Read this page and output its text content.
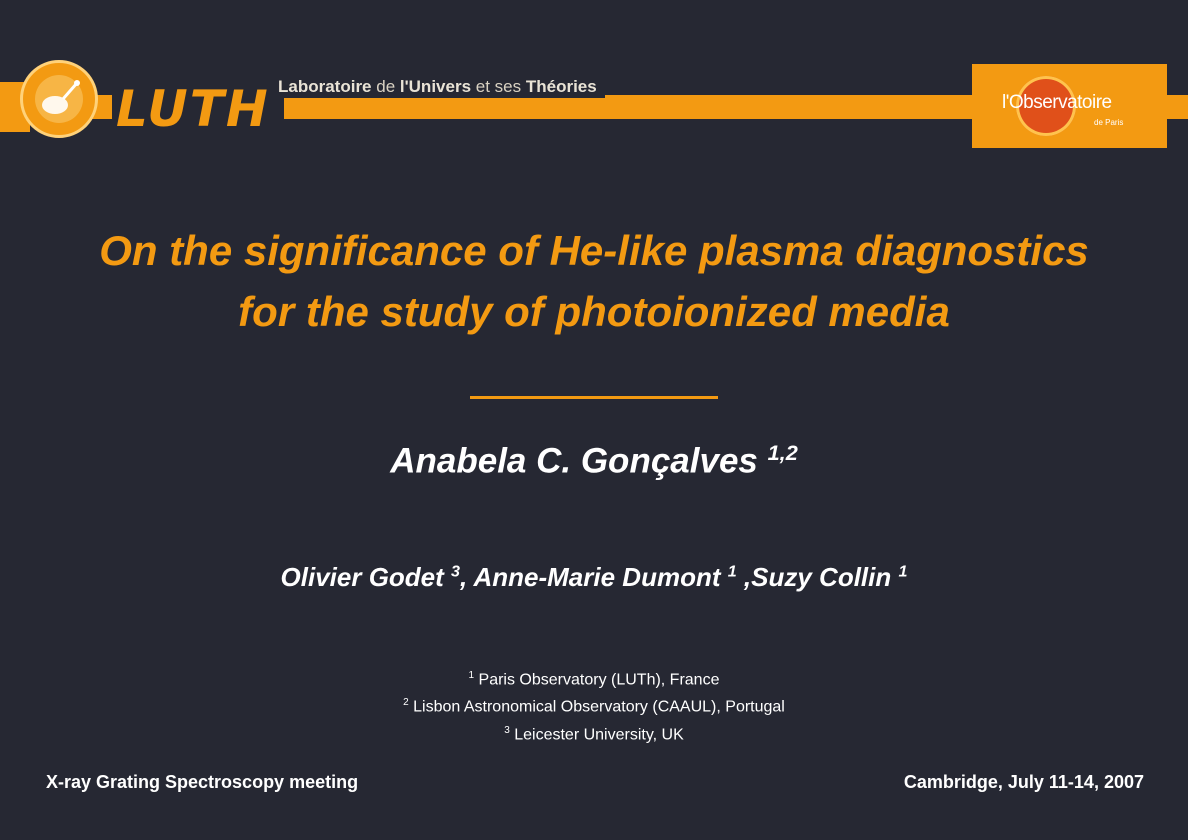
LUTH Laboratoire de l'Univers et ses Théories
l'Observatoire
de Paris
On the significance of He-like plasma diagnostics
for the study of photoionized media
Anabela C. Gonçalves $^{1,2}$
Olivier Godet $^3$, Anne-Marie Dumont $^1$ ,Suzy Collin $^1$
$^1$ Paris Observatory (LUTh), France
$^2$ Lisbon Astronomical Observatory (CAAUL), Portugal
$^3$ Leicester University, UK
X-ray Grating Spectroscopy meeting	Cambridge, July 11-14, 2007
